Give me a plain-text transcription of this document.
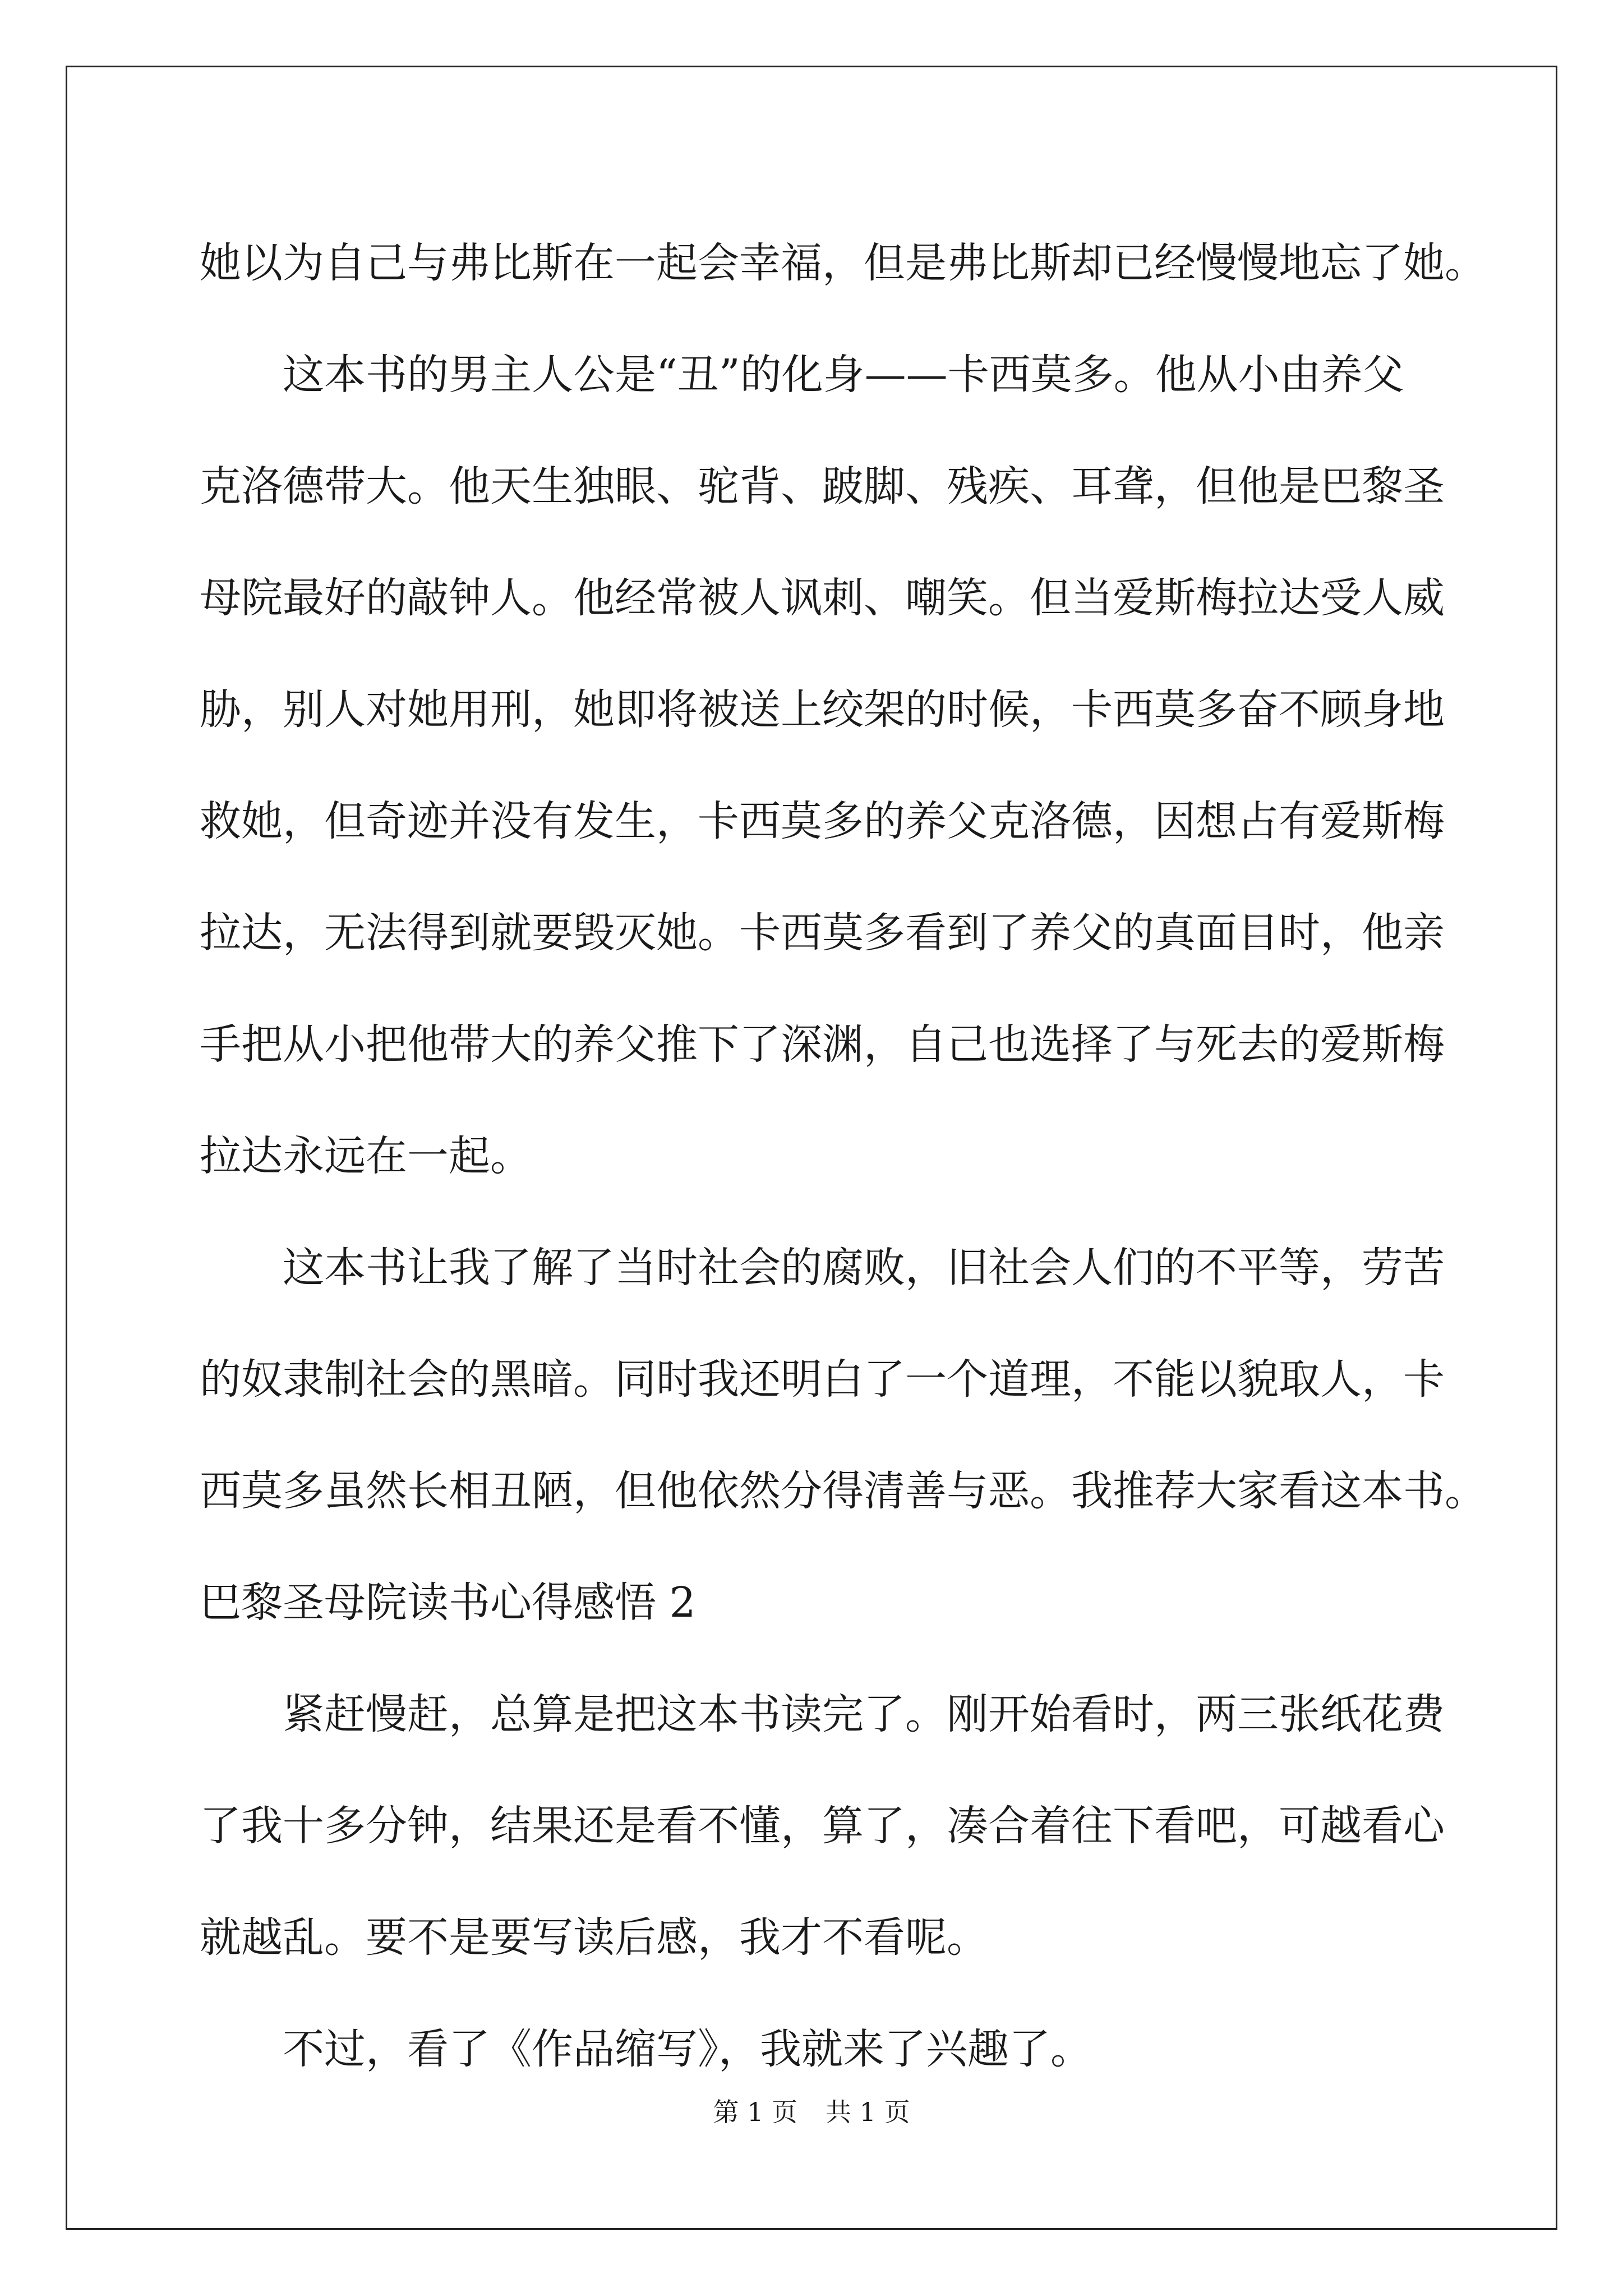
她以为自己与弗比斯在一起会幸福，但是弗比斯却已经慢慢地忘了她。
这本书的男主人公是“丑”的化身——卡西莫多。他从小由养父
克洛德带大。他天生独眼、驼背、跛脚、残疾、耳聋，但他是巴黎圣
母院最好的敲钟人。他经常被人讽刺、嘲笑。但当爱斯梅拉达受人威
胁，别人对她用刑，她即将被送上绞架的时候，卡西莫多奋不顾身地
救她，但奇迹并没有发生，卡西莫多的养父克洛德，因想占有爱斯梅
拉达，无法得到就要毁灭她。卡西莫多看到了养父的真面目时，他亲
手把从小把他带大的养父推下了深渊，自己也选择了与死去的爱斯梅
拉达永远在一起。
这本书让我了解了当时社会的腐败，旧社会人们的不平等，劳苦
的奴隶制社会的黑暗。同时我还明白了一个道理，不能以貌取人，卡
西莫多虽然长相丑陋，但他依然分得清善与恶。我推荐大家看这本书。
巴黎圣母院读书心得感悟 2
紧赶慢赶，总算是把这本书读完了。刚开始看时，两三张纸花费
了我十多分钟，结果还是看不懂，算了，凑合着往下看吧，可越看心
就越乱。要不是要写读后感，我才不看呢。
不过，看了《作品缩写》，我就来了兴趣了。
第 1 页 共 1 页
